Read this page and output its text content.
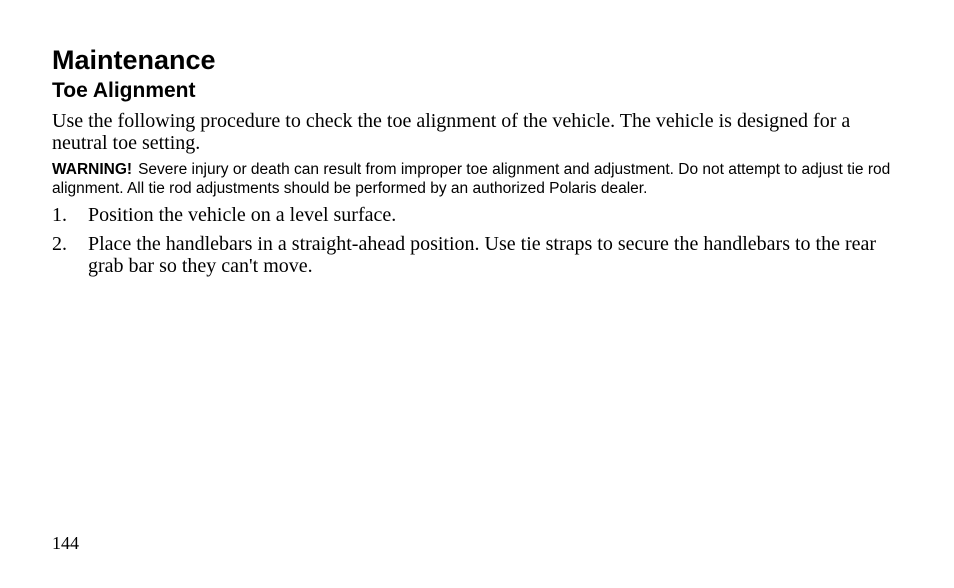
Maintenance
Toe Alignment

Use the following procedure to check the toe alignment of the vehicle. The vehicle is designed for a neutral toe setting.

WARNING! Severe injury or death can result from improper toe alignment and adjustment. Do not attempt to adjust tie rod alignment. All tie rod adjustments should be performed by an authorized Polaris dealer.

1.	Position the vehicle on a level surface.
2.	Place the handlebars in a straight-ahead position. Use tie straps to secure the handlebars to the rear grab bar so they can't move.
144
